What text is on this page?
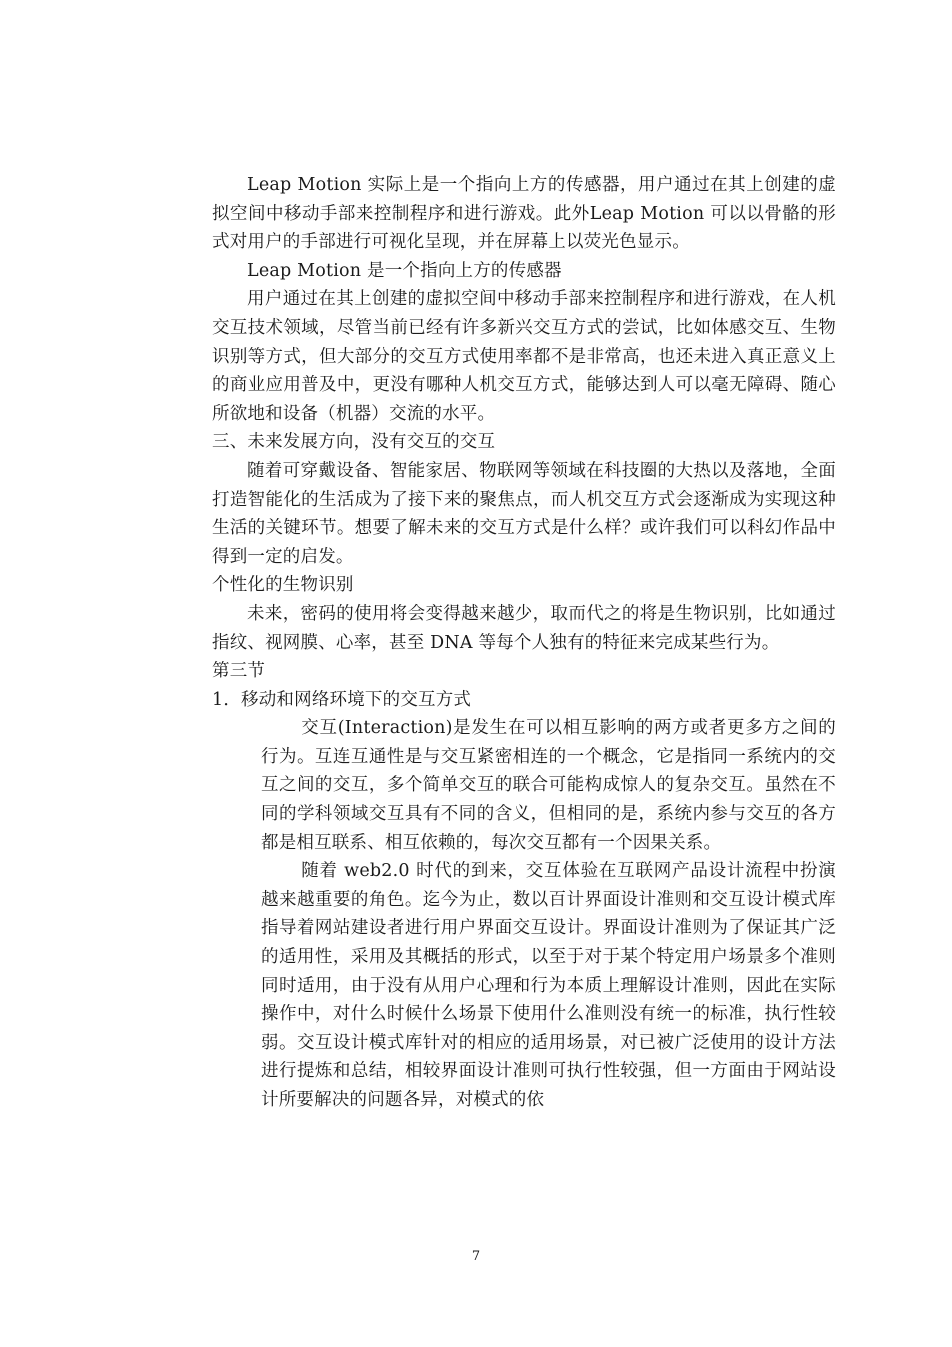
Leap Motion 实际上是一个指向上方的传感器，用户通过在其上创建的虚拟空间中移动手部来控制程序和进行游戏。此外Leap Motion 可以以骨骼的形式对用户的手部进行可视化呈现，并在屏幕上以荧光色显示。

Leap Motion 是一个指向上方的传感器

用户通过在其上创建的虚拟空间中移动手部来控制程序和进行游戏，在人机交互技术领域，尽管当前已经有许多新兴交互方式的尝试，比如体感交互、生物识别等方式，但大部分的交互方式使用率都不是非常高，也还未进入真正意义上的商业应用普及中，更没有哪种人机交互方式，能够达到人可以毫无障碍、随心所欲地和设备（机器）交流的水平。

三、未来发展方向，没有交互的交互

随着可穿戴设备、智能家居、物联网等领域在科技圈的大热以及落地，全面打造智能化的生活成为了接下来的聚焦点，而人机交互方式会逐渐成为实现这种生活的关键环节。想要了解未来的交互方式是什么样？或许我们可以科幻作品中得到一定的启发。

个性化的生物识别

未来，密码的使用将会变得越来越少，取而代之的将是生物识别，比如通过指纹、视网膜、心率，甚至 DNA 等每个人独有的特征来完成某些行为。

第三节

1．移动和网络环境下的交互方式

交互(Interaction)是发生在可以相互影响的两方或者更多方之间的行为。互连互通性是与交互紧密相连的一个概念，它是指同一系统内的交互之间的交互，多个简单交互的联合可能构成惊人的复杂交互。虽然在不同的学科领域交互具有不同的含义，但相同的是，系统内参与交互的各方都是相互联系、相互依赖的，每次交互都有一个因果关系。

随着 web2.0 时代的到来，交互体验在互联网产品设计流程中扮演越来越重要的角色。迄今为止，数以百计界面设计准则和交互设计模式库指导着网站建设者进行用户界面交互设计。界面设计准则为了保证其广泛的适用性，采用及其概括的形式，以至于对于某个特定用户场景多个准则同时适用，由于没有从用户心理和行为本质上理解设计准则，因此在实际操作中，对什么时候什么场景下使用什么准则没有统一的标准，执行性较弱。交互设计模式库针对的相应的适用场景，对已被广泛使用的设计方法进行提炼和总结，相较界面设计准则可执行性较强，但一方面由于网站设计所要解决的问题各异，对模式的依

7
